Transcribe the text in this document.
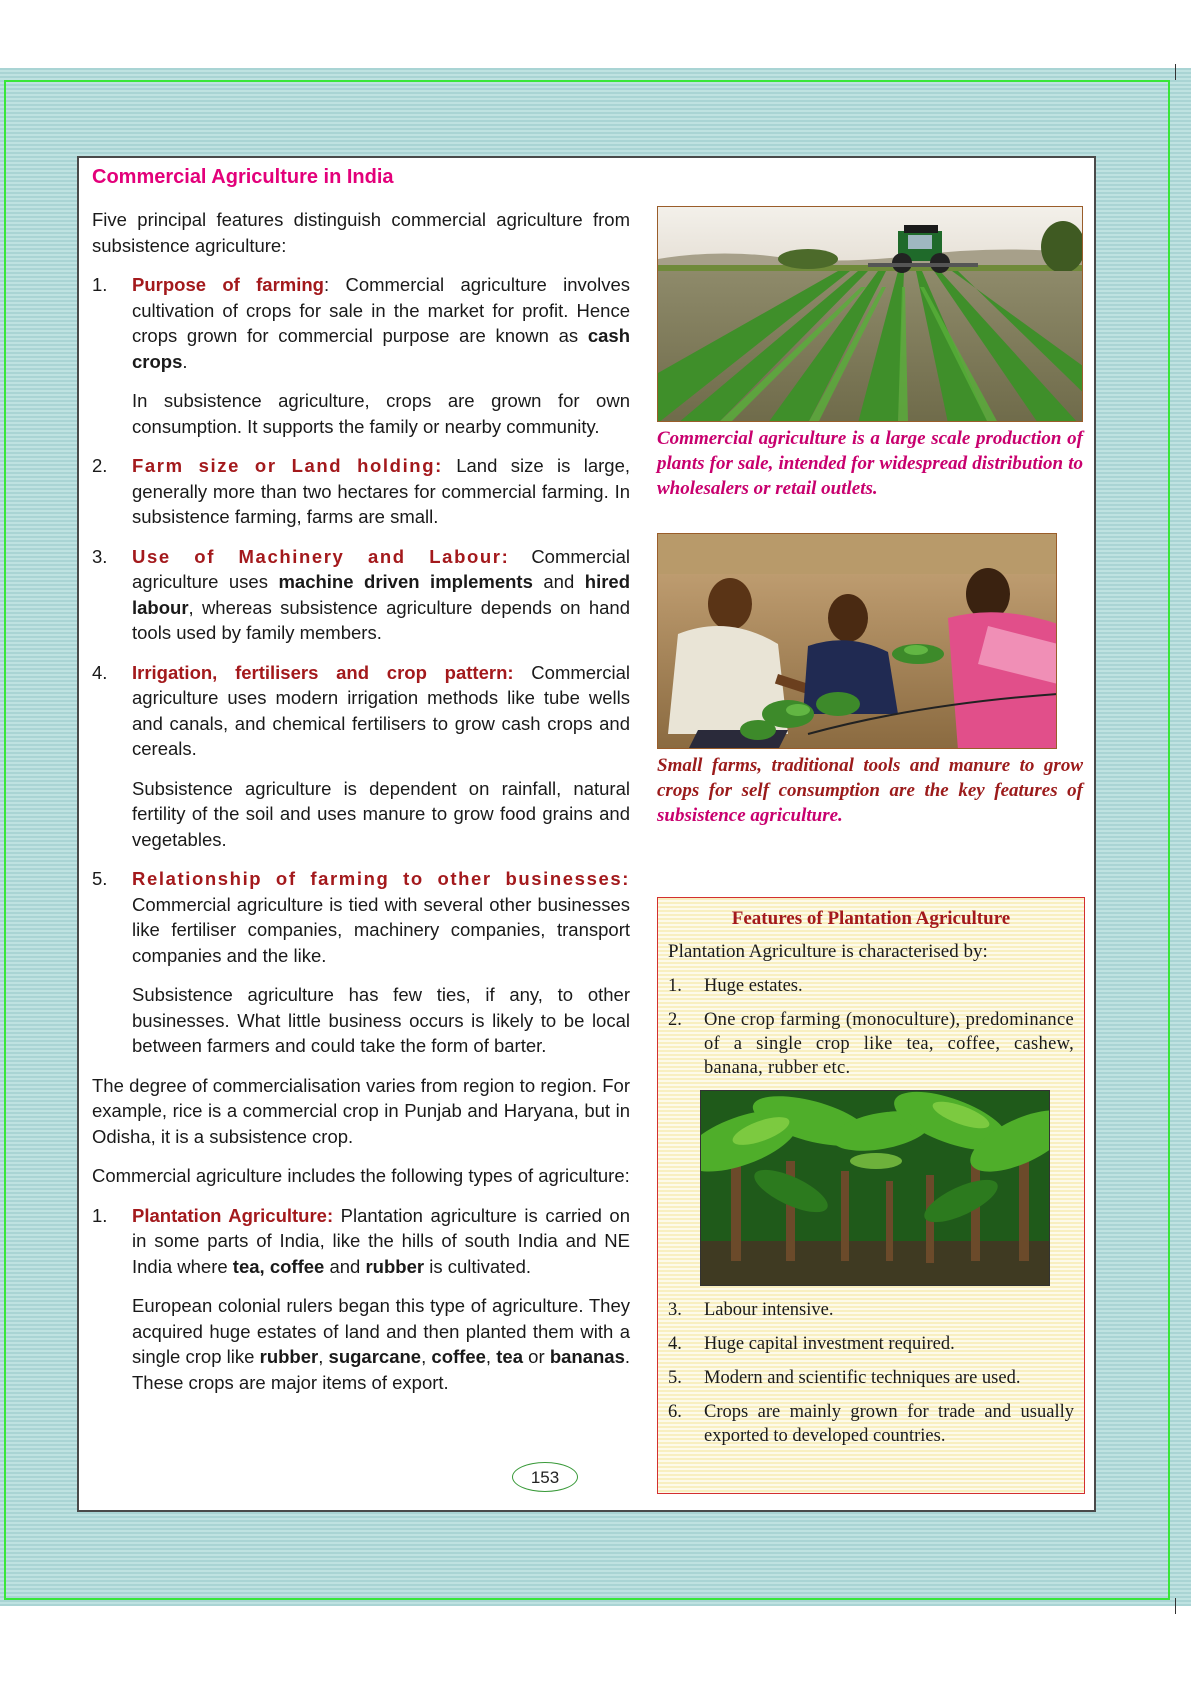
Commercial Agriculture in India

Five principal features distinguish commercial agriculture from subsistence agriculture:

1.	Purpose of farming: Commercial agriculture involves cultivation of crops for sale in the market for profit. Hence crops grown for commercial purpose are known as cash crops.

In subsistence agriculture, crops are grown for own consumption. It supports the family or nearby community.

2.	Farm size or Land holding: Land size is large, generally more than two hectares for commercial farming. In subsistence farming, farms are small.

3.	Use of Machinery and Labour: Commercial agriculture uses machine driven implements and hired labour, whereas subsistence agriculture depends on hand tools used by family members.

4.	Irrigation, fertilisers and crop pattern: Commercial agriculture uses modern irrigation methods like tube wells and canals, and chemical fertilisers to grow cash crops and cereals.

Subsistence agriculture is dependent on rainfall, natural fertility of the soil and uses manure to grow food grains and vegetables.

5.	Relationship of farming to other businesses: Commercial agriculture is tied with several other businesses like fertiliser companies, machinery companies, transport companies and the like.

Subsistence agriculture has few ties, if any, to other businesses. What little business occurs is likely to be local between farmers and could take the form of barter.

The degree of commercialisation varies from region to region. For example, rice is a commercial crop in Punjab and Haryana, but in Odisha, it is a subsistence crop.

Commercial agriculture includes the following types of agriculture:

1.	Plantation Agriculture: Plantation agriculture is carried on in some parts of India, like the hills of south India and NE India where tea, coffee and rubber is cultivated.

European colonial rulers began this type of agriculture. They acquired huge estates of land and then planted them with a single crop like rubber, sugarcane, coffee, tea or bananas. These crops are major items of export.

Commercial agriculture is a large scale production of plants for sale, intended for widespread distribution to wholesalers or retail outlets.

Small farms, traditional tools and manure to grow crops for self consumption are the key features of subsistence agriculture.

Features of Plantation Agriculture

Plantation Agriculture is characterised by:

1.	Huge estates.
2.	One crop farming (monoculture), predominance of a single crop like tea, coffee, cashew, banana, rubber etc.
3.	Labour intensive.
4.	Huge capital investment required.
5.	Modern and scientific techniques are used.
6.	Crops are mainly grown for trade and usually exported to developed countries.
153
